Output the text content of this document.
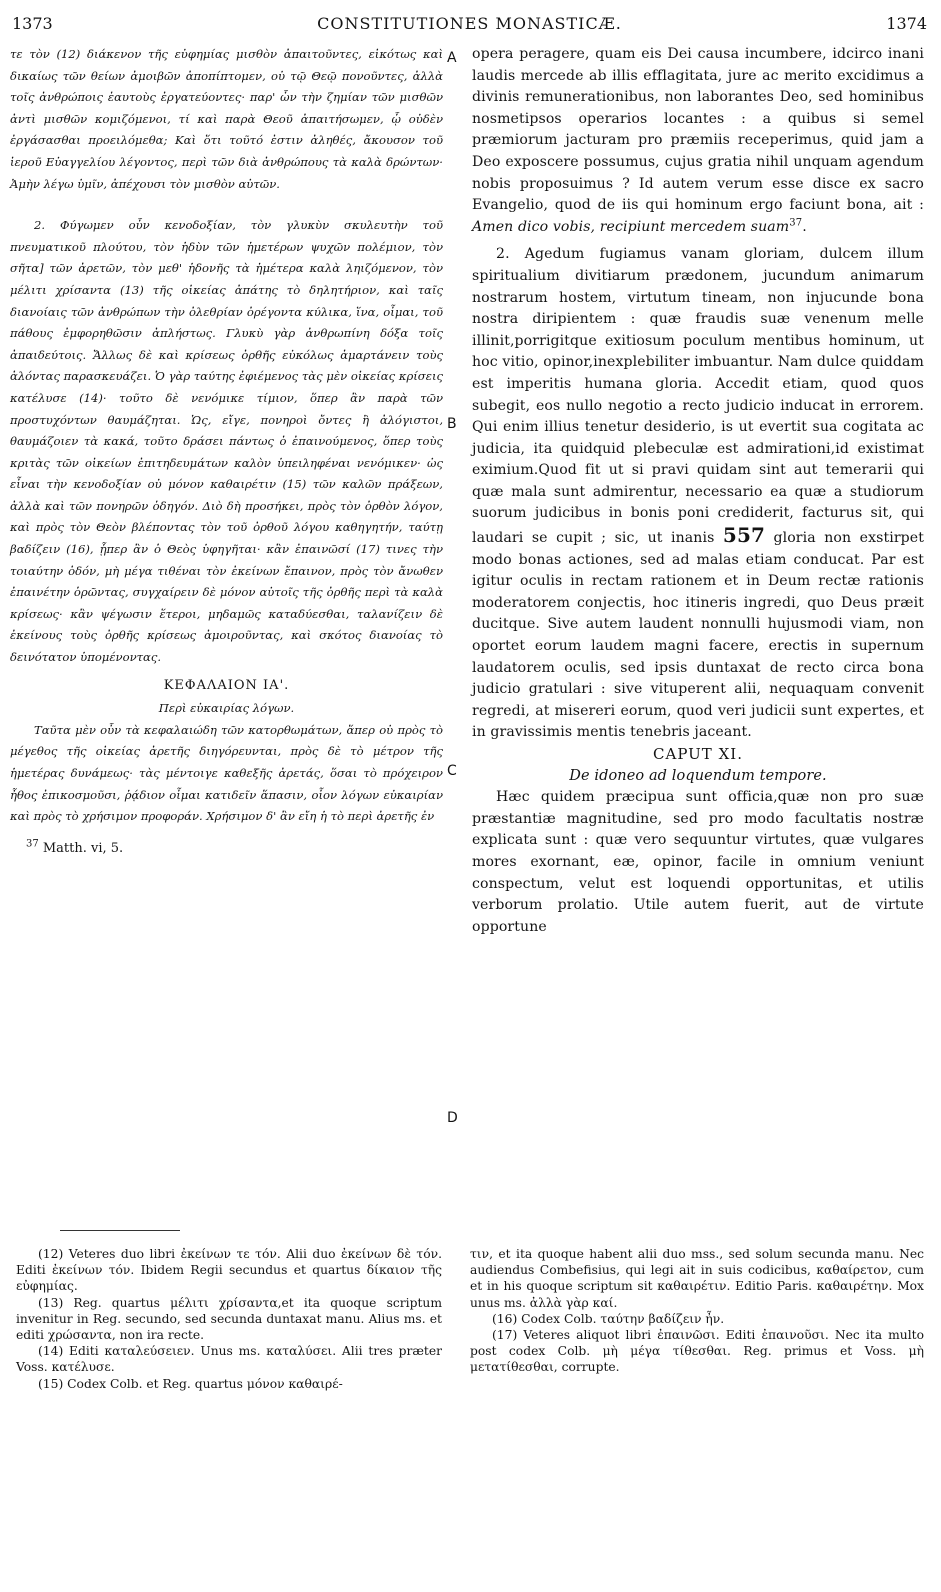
1373	CONSTITUTIONES MONASTICÆ.	1374
A
B
C
D

τε τὸν (12) διάκενον τῆς εὐφημίας μισθὸν ἀπαιτοῦντες, εἰκότως καὶ δικαίως τῶν θείων ἀμοιβῶν ἀποπίπτομεν, οὐ τῷ Θεῷ πονοῦντες, ἀλλὰ τοῖς ἀνθρώποις ἑαυτοὺς ἐργατεύοντες· παρ' ὧν τὴν ζημίαν τῶν μισθῶν ἀντὶ μισθῶν κομιζόμενοι, τί καὶ παρὰ Θεοῦ ἀπαιτήσωμεν, ᾧ οὐδὲν ἐργάσασθαι προειλόμεθα; Καὶ ὅτι τοῦτό ἐστιν ἀληθές, ἄκουσον τοῦ ἱεροῦ Εὐαγγελίου λέγοντος, περὶ τῶν διὰ ἀνθρώπους τὰ καλὰ δρώντων· Ἀμὴν λέγω ὑμῖν, ἀπέχουσι τὸν μισθὸν αὐτῶν.

2. Φύγωμεν οὖν κενοδοξίαν, τὸν γλυκὺν σκυλευτὴν τοῦ πνευματικοῦ πλούτου, τὸν ἡδὺν τῶν ἡμετέρων ψυχῶν πολέμιον, τὸν σῆτα] τῶν ἀρετῶν, τὸν μεθ' ἡδονῆς τὰ ἡμέτερα καλὰ ληιζόμενον, τὸν μέλιτι χρίσαντα (13) τῆς οἰκείας ἀπάτης τὸ δηλητήριον, καὶ ταῖς διανοίαις τῶν ἀνθρώπων τὴν ὀλεθρίαν ὀρέγοντα κύλικα, ἵνα, οἶμαι, τοῦ πάθους ἐμφορηθῶσιν ἀπλήστως. Γλυκὺ γὰρ ἀνθρωπίνη δόξα τοῖς ἀπαιδεύτοις. Ἄλλως δὲ καὶ κρίσεως ὀρθῆς εὐκόλως ἁμαρτάνειν τοὺς ἁλόντας παρασκευάζει. Ὁ γὰρ ταύτης ἐφιέμενος τὰς μὲν οἰκείας κρίσεις κατέλυσε (14)· τοῦτο δὲ νενόμικε τίμιον, ὅπερ ἂν παρὰ τῶν προστυχόντων θαυμάζηται. Ὡς, εἴγε, πονηροὶ ὄντες ἢ ἀλόγιστοι, θαυμάζοιεν τὰ κακά, τοῦτο δράσει πάντως ὁ ἐπαινούμενος, ὅπερ τοὺς κριτὰς τῶν οἰκείων ἐπιτηδευμάτων καλὸν ὑπειληφέναι νενόμικεν· ὡς εἶναι τὴν κενοδοξίαν οὐ μόνον καθαιρέτιν (15) τῶν καλῶν πράξεων, ἀλλὰ καὶ τῶν πονηρῶν ὁδηγόν. Διὸ δὴ προσήκει, πρὸς τὸν ὀρθὸν λόγον, καὶ πρὸς τὸν Θεὸν βλέποντας τὸν τοῦ ὀρθοῦ λόγου καθηγητήν, ταύτῃ βαδίζειν (16), ᾗπερ ἂν ὁ Θεὸς ὑφηγῆται· κἂν ἐπαινῶσί (17) τινες τὴν τοιαύτην ὁδόν, μὴ μέγα τιθέναι τὸν ἐκείνων ἔπαινον, πρὸς τὸν ἄνωθεν ἐπαινέτην ὁρῶντας, συγχαίρειν δὲ μόνον αὐτοῖς τῆς ὀρθῆς περὶ τὰ καλὰ κρίσεως· κἂν ψέγωσιν ἕτεροι, μηδαμῶς καταδύεσθαι, ταλανίζειν δὲ ἐκείνους τοὺς ὀρθῆς κρίσεως ἀμοιροῦντας, καὶ σκότος διανοίας τὸ δεινότατον ὑπομένοντας.

ΚΕΦΑΛΑΙΟΝ ΙΑ'.
Περὶ εὐκαιρίας λόγων.

Ταῦτα μὲν οὖν τὰ κεφαλαιώδη τῶν κατορθωμάτων, ἅπερ οὐ πρὸς τὸ μέγεθος τῆς οἰκείας ἀρετῆς διηγόρευνται, πρὸς δὲ τὸ μέτρον τῆς ἡμετέρας δυνάμεως· τὰς μέντοιγε καθεξῆς ἀρετάς, ὅσαι τὸ πρόχειρον ἦθος ἐπικοσμοῦσι, ῥᾴδιον οἶμαι κατιδεῖν ἅπασιν, οἷον λόγων εὐκαιρίαν καὶ πρὸς τὸ χρήσιμον προφοράν. Χρήσιμον δ' ἂν εἴη ἡ τὸ περὶ ἀρετῆς ἐν

$^{37}$ Matth. vi, 5.

opera peragere, quam eis Dei causa incumbere, idcirco inani laudis mercede ab illis efflagitata, jure ac merito excidimus a divinis remunerationibus, non laborantes Deo, sed hominibus nosmetipsos operarios locantes : a quibus si semel præmiorum jacturam pro præmiis receperimus, quid jam a Deo exposcere possumus, cujus gratia nihil unquam agendum nobis proposuimus ? Id autem verum esse disce ex sacro Evangelio, quod de iis qui hominum ergo faciunt bona, ait : Amen dico vobis, recipiunt mercedem suam$^{37}$.

2. Agedum fugiamus vanam gloriam, dulcem illum spiritualium divitiarum prædonem, jucundum animarum nostrarum hostem, virtutum tineam, non injucunde bona nostra diripientem : quæ fraudis suæ venenum melle illinit,porrigitque exitiosum poculum mentibus hominum, ut hoc vitio, opinor,inexplebiliter imbuantur. Nam dulce quiddam est imperitis humana gloria. Accedit etiam, quod quos subegit, eos nullo negotio a recto judicio inducat in errorem. Qui enim illius tenetur desiderio, is ut evertit sua cogitata ac judicia, ita quidquid plebeculæ est admirationi,id existimat eximium.Quod fit ut si pravi quidam sint aut temerarii qui quæ mala sunt admirentur, necessario ea quæ a studiorum suorum judicibus in bonis poni crediderit, facturus sit, qui laudari se cupit ; sic, ut inanis 557 gloria non exstirpet modo bonas actiones, sed ad malas etiam conducat. Par est igitur oculis in rectam rationem et in Deum rectæ rationis moderatorem conjectis, hoc itineris ingredi, quo Deus præit ducitque. Sive autem laudent nonnulli hujusmodi viam, non oportet eorum laudem magni facere, erectis in supernum laudatorem oculis, sed ipsis duntaxat de recto circa bona judicio gratulari : sive vituperent alii, nequaquam convenit regredi, at misereri eorum, quod veri judicii sunt expertes, et in gravissimis mentis tenebris jaceant.

CAPUT XI.
De idoneo ad loquendum tempore.

Hæc quidem præcipua sunt officia,quæ non pro suæ præstantiæ magnitudine, sed pro modo facultatis nostræ explicata sunt : quæ vero sequuntur virtutes, quæ vulgares mores exornant, eæ, opinor, facile in omnium veniunt conspectum, velut est loquendi opportunitas, et utilis verborum prolatio. Utile autem fuerit, aut de virtute opportune

(12) Veteres duo libri ἐκείνων τε τόν. Alii duo ἐκείνων δὲ τόν. Editi ἐκείνων τόν. Ibidem Regii secundus et quartus δίκαιον τῆς εὐφημίας.

(13) Reg. quartus μέλιτι χρίσαντα,et ita quoque scriptum invenitur in Reg. secundo, sed secunda duntaxat manu. Alius ms. et editi χρώσαντα, non ira recte.

(14) Editi καταλεύσειεν. Unus ms. καταλύσει. Alii tres præter Voss. κατέλυσε.

(15) Codex Colb. et Reg. quartus μόνον καθαιρέ-

τιν, et ita quoque habent alii duo mss., sed solum secunda manu. Nec audiendus Combefisius, qui legi ait in suis codicibus, καθαίρετον, cum et in his quoque scriptum sit καθαιρέτιν. Editio Paris. καθαιρέτην. Mox unus ms. ἀλλὰ γὰρ καί.

(16) Codex Colb. ταύτην βαδίζειν ἦν.

(17) Veteres aliquot libri ἐπαινῶσι. Editi ἐπαινοῦσι. Nec ita multo post codex Colb. μὴ μέγα τίθεσθαι. Reg. primus et Voss. μὴ μετατίθεσθαι, corrupte.
